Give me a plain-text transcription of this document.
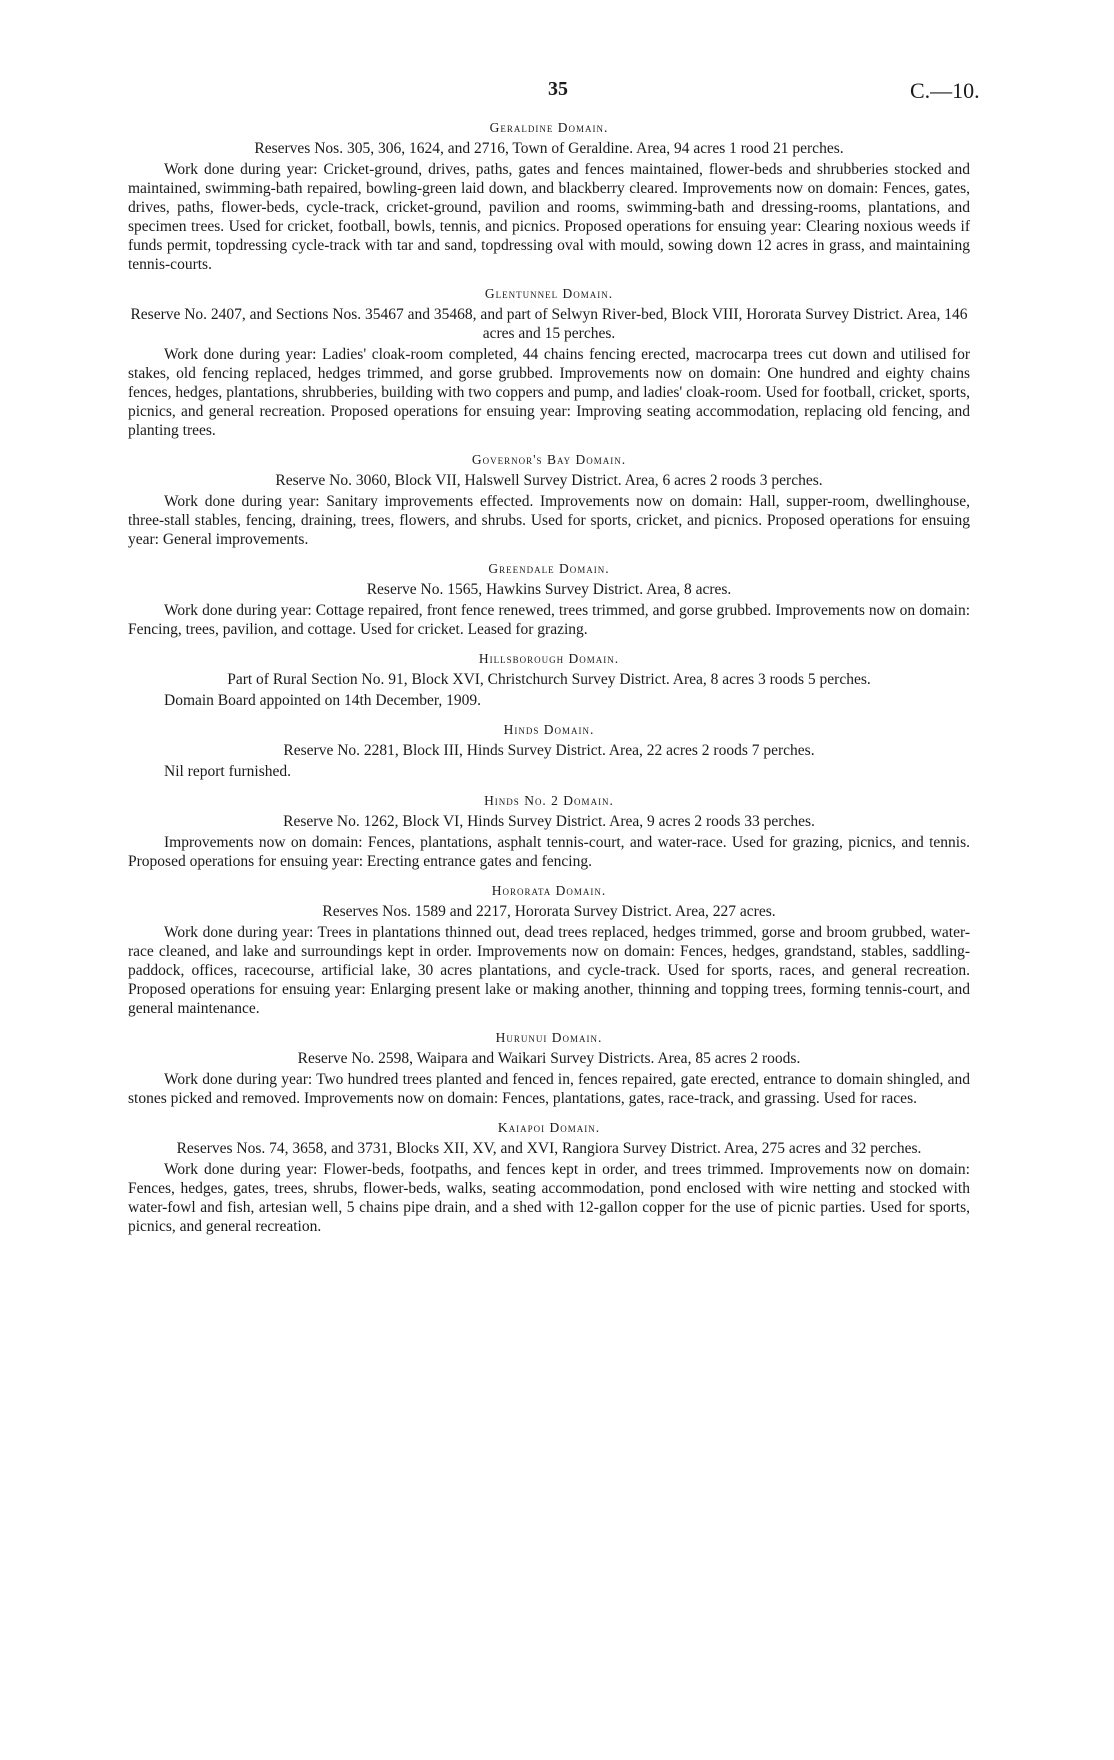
35	C.—10.
Geraldine Domain.

Reserves Nos. 305, 306, 1624, and 2716, Town of Geraldine. Area, 94 acres 1 rood 21 perches.

Work done during year: Cricket-ground, drives, paths, gates and fences maintained, flower-beds and shrubberies stocked and maintained, swimming-bath repaired, bowling-green laid down, and blackberry cleared. Improvements now on domain: Fences, gates, drives, paths, flower-beds, cycle-track, cricket-ground, pavilion and rooms, swimming-bath and dressing-rooms, plantations, and specimen trees. Used for cricket, football, bowls, tennis, and picnics. Proposed operations for ensuing year: Clearing noxious weeds if funds permit, topdressing cycle-track with tar and sand, topdressing oval with mould, sowing down 12 acres in grass, and maintaining tennis-courts.

Glentunnel Domain.

Reserve No. 2407, and Sections Nos. 35467 and 35468, and part of Selwyn River-bed, Block VIII, Hororata Survey District. Area, 146 acres and 15 perches.

Work done during year: Ladies' cloak-room completed, 44 chains fencing erected, macrocarpa trees cut down and utilised for stakes, old fencing replaced, hedges trimmed, and gorse grubbed. Improvements now on domain: One hundred and eighty chains fences, hedges, plantations, shrubberies, building with two coppers and pump, and ladies' cloak-room. Used for football, cricket, sports, picnics, and general recreation. Proposed operations for ensuing year: Improving seating accommodation, replacing old fencing, and planting trees.

Governor's Bay Domain.

Reserve No. 3060, Block VII, Halswell Survey District. Area, 6 acres 2 roods 3 perches.

Work done during year: Sanitary improvements effected. Improvements now on domain: Hall, supper-room, dwellinghouse, three-stall stables, fencing, draining, trees, flowers, and shrubs. Used for sports, cricket, and picnics. Proposed operations for ensuing year: General improvements.

Greendale Domain.

Reserve No. 1565, Hawkins Survey District. Area, 8 acres.

Work done during year: Cottage repaired, front fence renewed, trees trimmed, and gorse grubbed. Improvements now on domain: Fencing, trees, pavilion, and cottage. Used for cricket. Leased for grazing.

Hillsborough Domain.

Part of Rural Section No. 91, Block XVI, Christchurch Survey District. Area, 8 acres 3 roods 5 perches.

Domain Board appointed on 14th December, 1909.

Hinds Domain.

Reserve No. 2281, Block III, Hinds Survey District. Area, 22 acres 2 roods 7 perches.

Nil report furnished.

Hinds No. 2 Domain.

Reserve No. 1262, Block VI, Hinds Survey District. Area, 9 acres 2 roods 33 perches.

Improvements now on domain: Fences, plantations, asphalt tennis-court, and water-race. Used for grazing, picnics, and tennis. Proposed operations for ensuing year: Erecting entrance gates and fencing.

Hororata Domain.

Reserves Nos. 1589 and 2217, Hororata Survey District. Area, 227 acres.

Work done during year: Trees in plantations thinned out, dead trees replaced, hedges trimmed, gorse and broom grubbed, water-race cleaned, and lake and surroundings kept in order. Improvements now on domain: Fences, hedges, grandstand, stables, saddling-paddock, offices, racecourse, artificial lake, 30 acres plantations, and cycle-track. Used for sports, races, and general recreation. Proposed operations for ensuing year: Enlarging present lake or making another, thinning and topping trees, forming tennis-court, and general maintenance.

Hurunui Domain.

Reserve No. 2598, Waipara and Waikari Survey Districts. Area, 85 acres 2 roods.

Work done during year: Two hundred trees planted and fenced in, fences repaired, gate erected, entrance to domain shingled, and stones picked and removed. Improvements now on domain: Fences, plantations, gates, race-track, and grassing. Used for races.

Kaiapoi Domain.

Reserves Nos. 74, 3658, and 3731, Blocks XII, XV, and XVI, Rangiora Survey District. Area, 275 acres and 32 perches.

Work done during year: Flower-beds, footpaths, and fences kept in order, and trees trimmed. Improvements now on domain: Fences, hedges, gates, trees, shrubs, flower-beds, walks, seating accommodation, pond enclosed with wire netting and stocked with water-fowl and fish, artesian well, 5 chains pipe drain, and a shed with 12-gallon copper for the use of picnic parties. Used for sports, picnics, and general recreation.
